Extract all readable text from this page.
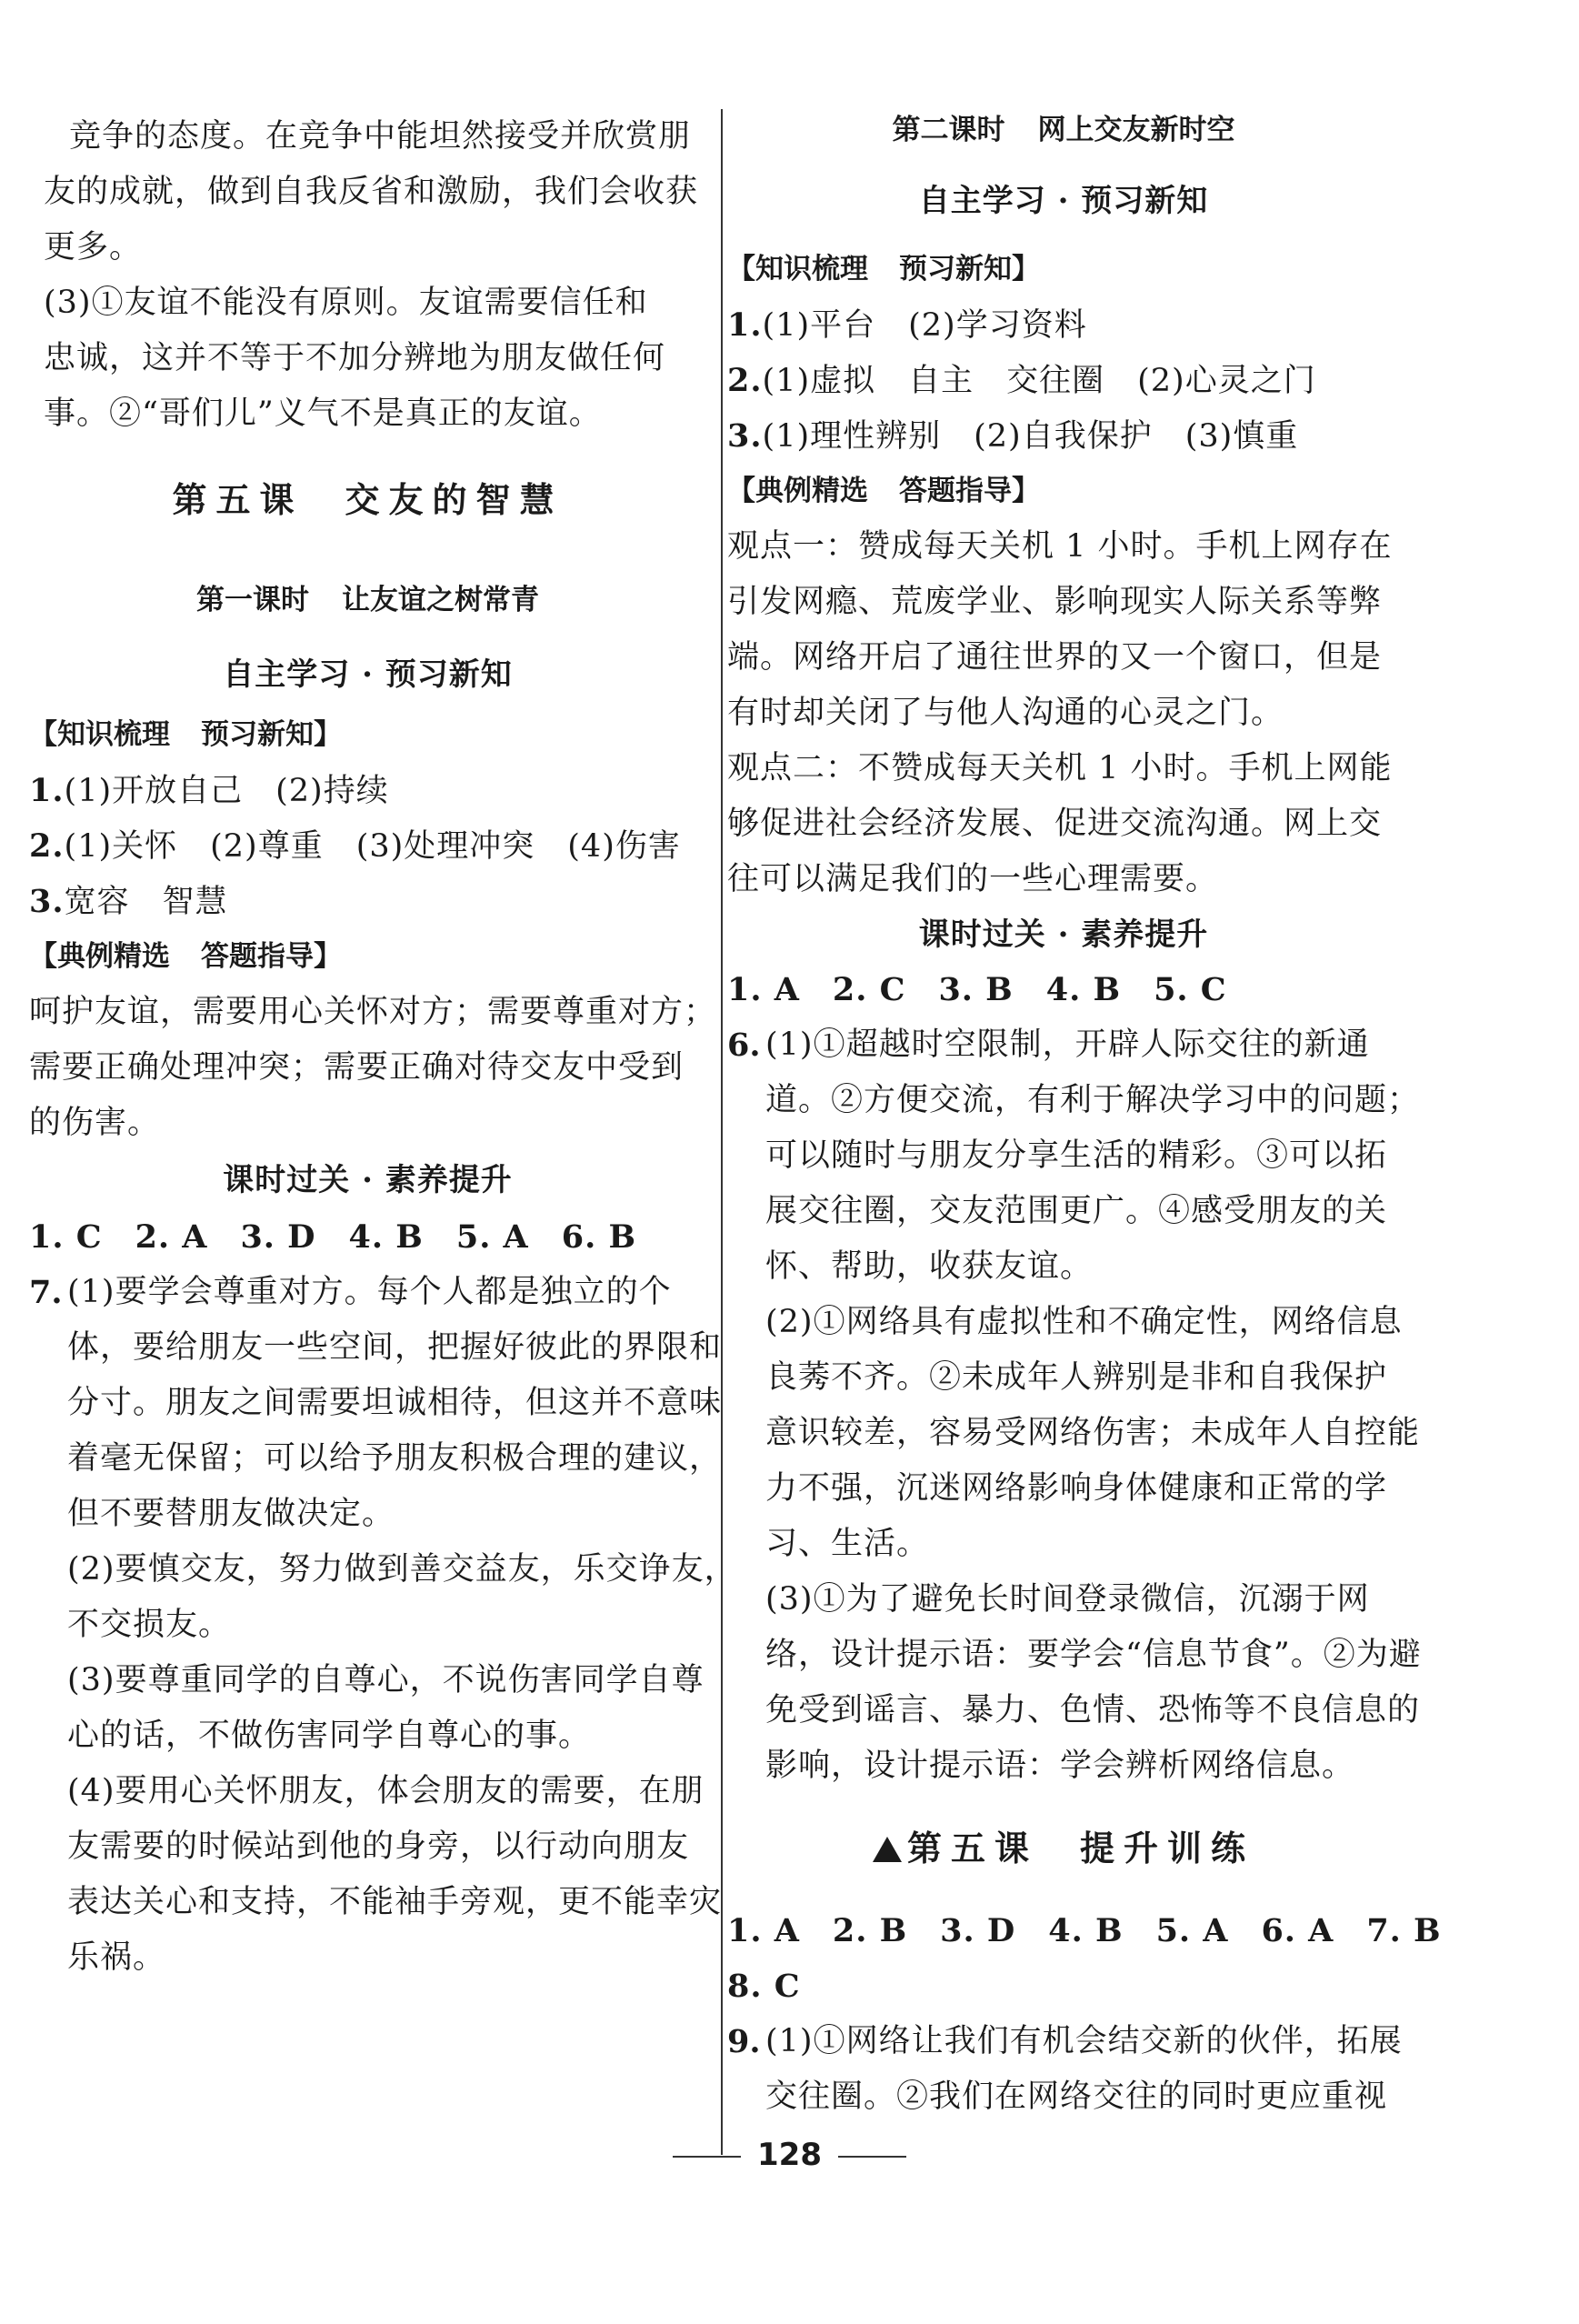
竞争的态度。在竞争中能坦然接受并欣赏朋
友的成就，做到自我反省和激励，我们会收获
更多。
(3)①友谊不能没有原则。友谊需要信任和
忠诚，这并不等于不加分辨地为朋友做任何
事。②“哥们儿”义气不是真正的友谊。
第五课 交友的智慧
第一课时 让友谊之树常青
自主学习 · 预习新知
【知识梳理 预习新知】
1.(1)开放自己　(2)持续
2.(1)关怀　(2)尊重　(3)处理冲突　(4)伤害
3.宽容　智慧
【典例精选 答题指导】
呵护友谊，需要用心关怀对方；需要尊重对方；
需要正确处理冲突；需要正确对待交友中受到
的伤害。
课时过关 · 素养提升
1. C　2. A　3. D　4. B　5. A　6. B
7. (1)要学会尊重对方。每个人都是独立的个
体，要给朋友一些空间，把握好彼此的界限和
分寸。朋友之间需要坦诚相待，但这并不意味
着毫无保留；可以给予朋友积极合理的建议，
但不要替朋友做决定。
(2)要慎交友，努力做到善交益友，乐交诤友，
不交损友。
(3)要尊重同学的自尊心，不说伤害同学自尊
心的话，不做伤害同学自尊心的事。
(4)要用心关怀朋友，体会朋友的需要，在朋
友需要的时候站到他的身旁，以行动向朋友
表达关心和支持，不能袖手旁观，更不能幸灾
乐祸。
第二课时 网上交友新时空
自主学习 · 预习新知
【知识梳理 预习新知】
1.(1)平台　(2)学习资料
2.(1)虚拟　自主　交往圈　(2)心灵之门
3.(1)理性辨别　(2)自我保护　(3)慎重
【典例精选 答题指导】
观点一：赞成每天关机 1 小时。手机上网存在
引发网瘾、荒废学业、影响现实人际关系等弊
端。网络开启了通往世界的又一个窗口，但是
有时却关闭了与他人沟通的心灵之门。
观点二：不赞成每天关机 1 小时。手机上网能
够促进社会经济发展、促进交流沟通。网上交
往可以满足我们的一些心理需要。
课时过关 · 素养提升
1. A　2. C　3. B　4. B　5. C
6. (1)①超越时空限制，开辟人际交往的新通
道。②方便交流，有利于解决学习中的问题；
可以随时与朋友分享生活的精彩。③可以拓
展交往圈，交友范围更广。④感受朋友的关
怀、帮助，收获友谊。
(2)①网络具有虚拟性和不确定性，网络信息
良莠不齐。②未成年人辨别是非和自我保护
意识较差，容易受网络伤害；未成年人自控能
力不强，沉迷网络影响身体健康和正常的学
习、生活。
(3)①为了避免长时间登录微信，沉溺于网
络，设计提示语：要学会“信息节食”。②为避
免受到谣言、暴力、色情、恐怖等不良信息的
影响，设计提示语：学会辨析网络信息。
第五课 提升训练
1. A　2. B　3. D　4. B　5. A　6. A　7. B
8. C
9. (1)①网络让我们有机会结交新的伙伴，拓展
交往圈。②我们在网络交往的同时更应重视
128
